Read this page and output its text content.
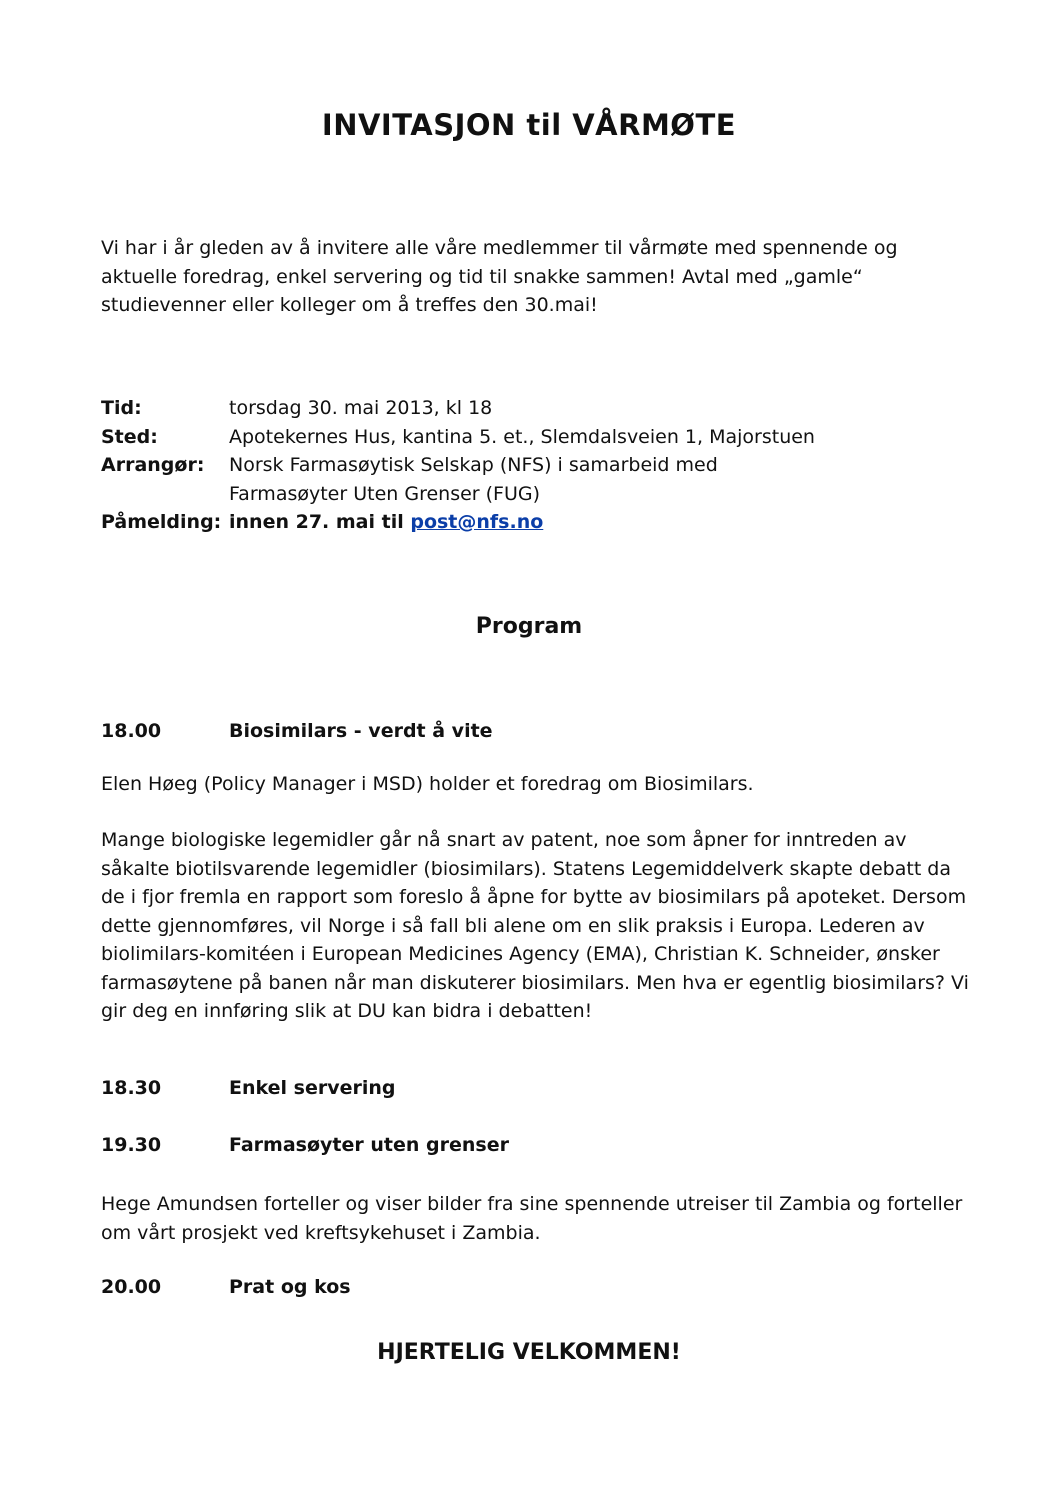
INVITASJON til VÅRMØTE

Vi har i år gleden av å invitere alle våre medlemmer til vårmøte med spennende og aktuelle foredrag, enkel servering og tid til snakke sammen! Avtal med „gamle“ studievenner eller kolleger om å treffes den 30.mai!

Tid:	torsdag 30. mai 2013, kl 18
Sted:	Apotekernes Hus, kantina 5. et., Slemdalsveien 1, Majorstuen
Arrangør:	Norsk Farmasøytisk Selskap (NFS) i samarbeid med
Farmasøyter Uten Grenser (FUG)
Påmelding: innen 27. mai til post@nfs.no
Program
18.00	Biosimilars - verdt å vite

Elen Høeg (Policy Manager i MSD) holder et foredrag om Biosimilars.

Mange biologiske legemidler går nå snart av patent, noe som åpner for inntreden av såkalte biotilsvarende legemidler (biosimilars). Statens Legemiddelverk skapte debatt da de i fjor fremla en rapport som foreslo å åpne for bytte av biosimilars på apoteket. Dersom dette gjennomføres, vil Norge i så fall bli alene om en slik praksis i Europa. Lederen av biolimilars-komitéen i European Medicines Agency (EMA), Christian K. Schneider, ønsker farmasøytene på banen når man diskuterer biosimilars. Men hva er egentlig biosimilars? Vi gir deg en innføring slik at DU kan bidra i debatten!

18.30	Enkel servering
19.30	Farmasøyter uten grenser

Hege Amundsen forteller og viser bilder fra sine spennende utreiser til Zambia og forteller om vårt prosjekt ved kreftsykehuset i Zambia.

20.00	Prat og kos
HJERTELIG VELKOMMEN!
